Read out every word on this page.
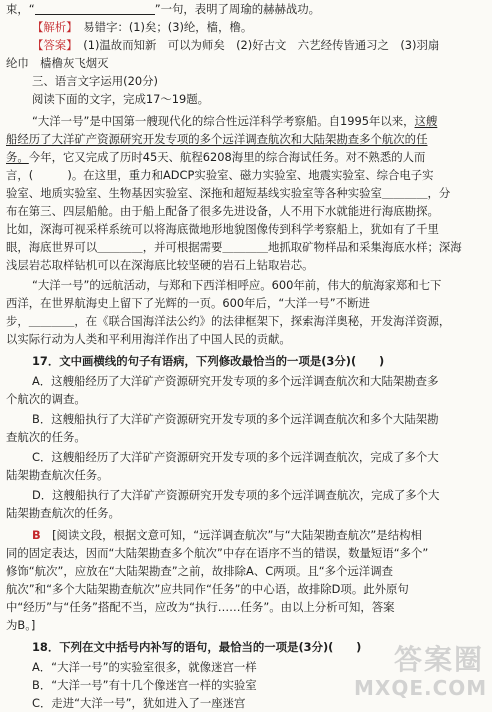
束，“	”一句，表明了周瑜的赫赫战功。
【解析】　 易错字：(1)矣；(3)纶，樯，橹。
【答案】　 (1)温故而知新　可以为师矣　(2)好古文　六艺经传皆通习之　(3)羽扇
纶巾　樯橹灰飞烟灭
三、语言文字运用(20分)
阅读下面的文字，完成17～19题。
“大洋一号”是中国第一艘现代化的综合性远洋科学考察船。自1995年以来，这艘
船经历了大洋矿产资源研究开发专项的多个远洋调查航次和大陆架勘查多个航次的任
务。今年，它又完成了历时45天、航程6208海里的综合海试任务。对不熟悉的人而
言，(　　　)。在这里，重力和ADCP实验室、磁力实验室、地震实验室、综合电子实
验室、地质实验室、生物基因实验室、深拖和超短基线实验室等各种实验室＿＿＿＿，分
布在第三、四层船舱。由于船上配备了很多先进设备，人不用下水就能进行海底勘探。
比如，深海可视采样系统可以将海底微地形地貌图像传到科学考察船上，犹如有了千里
眼，海底世界可以＿＿＿＿，并可根据需要＿＿＿＿地抓取矿物样品和采集海底水样；深海
浅层岩芯取样钻机可以在深海底比较坚硬的岩石上钻取岩芯。
“大洋一号”的远航活动，与郑和下西洋相呼应。600年前，伟大的航海家郑和七下
西洋，在世界航海史上留下了光辉的一页。600年后，“大洋一号”不断进
步，＿＿＿＿，在《联合国海洋法公约》的法律框架下，探索海洋奥秘，开发海洋资源，
以实际行动为人类和平利用海洋作出了中国人民的贡献。
17．文中画横线的句子有语病，下列修改最恰当的一项是(3分)(　　)
A．这艘船经历了大洋矿产资源研究开发专项的多个远洋调查航次和大陆架勘查多
个航次的调查。
B．这艘船执行了大洋矿产资源研究开发专项的多个远洋调查航次和多个大陆架勘
查航次的任务。
C．这艘船经历了大洋矿产资源研究开发专项的多个远洋调查航次，完成了多个大
陆架勘查航次任务。
D．这艘船执行了大洋矿产资源研究开发专项的多个远洋调查航次，完成了多个大
陆架勘查航次的任务。
B　 [阅读文段，根据文意可知，“远洋调查航次”与“大陆架勘查航次”是结构相
同的固定表达，因而“大陆架勘查多个航次”中存在语序不当的错误，数量短语“多个”
修饰“航次”，应放在“大陆架勘查”之前，故排除A、C两项。且“多个远洋调查
航次”和“多个大陆架勘查航次”应共同作“任务”的中心语，故排除D项。此外原句
中“经历”与“任务”搭配不当，应改为“执行……任务”。由以上分析可知，答案
为B。]
18．下列在文中括号内补写的语句，最恰当的一项是(3分)(　　)
A．“大洋一号”的实验室很多，就像迷宫一样
B．“大洋一号”有十几个像迷宫一样的实验室
C．走进“大洋一号”，犹如进入了一座迷宫
答案圈
MXQE.COM
